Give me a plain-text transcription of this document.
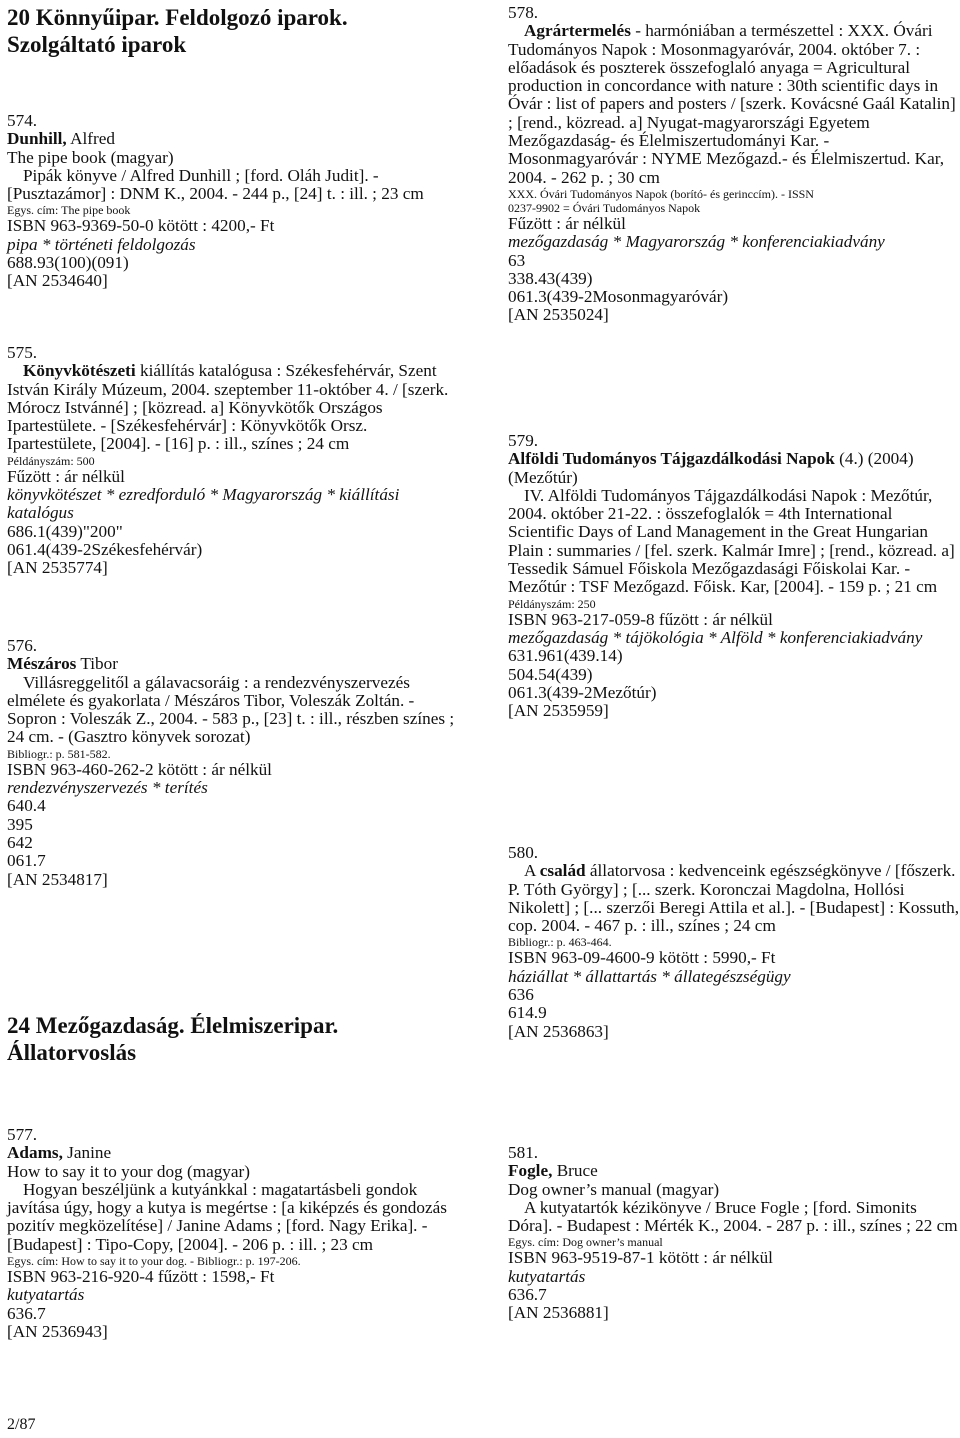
20 Könnyűipar. Feldolgozó iparok.

Szolgáltató iparok

574.
Dunhill, Alfred
The pipe book (magyar)
Pipák könyve / Alfred Dunhill ; [ford. Oláh Judit]. - [Pusztazámor] : DNM K., 2004. - 244 p., [24] t. : ill. ; 23 cm
Egys. cím: The pipe book
ISBN 963-9369-50-0 kötött : 4200,- Ft
pipa * történeti feldolgozás
688.93(100)(091)
[AN 2534640]
575.
Könyvkötészeti kiállítás katalógusa : Székesfehérvár, Szent István Király Múzeum, 2004. szeptember 11-október 4. / [szerk. Mórocz Istvánné] ; [közread. a] Könyvkötők Országos Ipartestülete. - [Székesfehérvár] : Könyvkötők Orsz. Ipartestülete, [2004]. - [16] p. : ill., színes ; 24 cm
Példányszám: 500
Fűzött : ár nélkül
könyvkötészet * ezredforduló * Magyarország * kiállítási katalógus
686.1(439)"200"
061.4(439-2Székesfehérvár)
[AN 2535774]
576.
Mészáros Tibor
Villásreggelitől a gálavacsoráig : a rendezvényszervezés elmélete és gyakorlata / Mészáros Tibor, Voleszák Zoltán. - Sopron : Voleszák Z., 2004. - 583 p., [23] t. : ill., részben színes ; 24 cm. - (Gasztro könyvek sorozat)
Bibliogr.: p. 581-582.
ISBN 963-460-262-2 kötött : ár nélkül
rendezvényszervezés * terítés
640.4
395
642
061.7
[AN 2534817]

24 Mezőgazdaság. Élelmiszeripar.

Állatorvoslás

577.
Adams, Janine
How to say it to your dog (magyar)
Hogyan beszéljünk a kutyánkkal : magatartásbeli gondok javítása úgy, hogy a kutya is megértse : [a kiképzés és gondozás pozitív megközelítése] / Janine Adams ; [ford. Nagy Erika]. - [Budapest] : Tipo-Copy, [2004]. - 206 p. : ill. ; 23 cm
Egys. cím: How to say it to your dog. - Bibliogr.: p. 197-206.
ISBN 963-216-920-4 fűzött : 1598,- Ft
kutyatartás
636.7
[AN 2536943]
578.
Agrártermelés - harmóniában a természettel : XXX. Óvári Tudományos Napok : Mosonmagyaróvár, 2004. október 7. : előadások és poszterek összefoglaló anyaga = Agricultural production in concordance with nature : 30th scientific days in Óvár : list of papers and posters / [szerk. Kovácsné Gaál Katalin] ; [rend., közread. a] Nyugat-magyarországi Egyetem Mezőgazdaság- és Élelmiszertudományi Kar. - Mosonmagyaróvár : NYME Mezőgazd.- és Élelmiszertud. Kar, 2004. - 262 p. ; 30 cm
XXX. Óvári Tudományos Napok (borító- és gerinccím). - ISSN
0237-9902 = Óvári Tudományos Napok
Fűzött : ár nélkül
mezőgazdaság * Magyarország * konferenciakiadvány
63
338.43(439)
061.3(439-2Mosonmagyaróvár)
[AN 2535024]
579.
Alföldi Tudományos Tájgazdálkodási Napok (4.) (2004) (Mezőtúr)
IV. Alföldi Tudományos Tájgazdálkodási Napok : Mezőtúr, 2004. október 21-22. : összefoglalók = 4th International Scientific Days of Land Management in the Great Hungarian Plain : summaries / [fel. szerk. Kalmár Imre] ; [rend., közread. a] Tessedik Sámuel Főiskola Mezőgazdasági Főiskolai Kar. - Mezőtúr : TSF Mezőgazd. Főisk. Kar, [2004]. - 159 p. ; 21 cm
Példányszám: 250
ISBN 963-217-059-8 fűzött : ár nélkül
mezőgazdaság * tájökológia * Alföld * konferenciakiadvány
631.961(439.14)
504.54(439)
061.3(439-2Mezőtúr)
[AN 2535959]
580.
A család állatorvosa : kedvenceink egészségkönyve / [főszerk. P. Tóth György] ; [... szerk. Koronczai Magdolna, Hollósi Nikolett] ; [... szerzői Beregi Attila et al.]. - [Budapest] : Kossuth, cop. 2004. - 467 p. : ill., színes ; 24 cm
Bibliogr.: p. 463-464.
ISBN 963-09-4600-9 kötött : 5990,- Ft
háziállat * állattartás * állategészségügy
636
614.9
[AN 2536863]
581.
Fogle, Bruce
Dog owner’s manual (magyar)
A kutyatartók kézikönyve / Bruce Fogle ; [ford. Simonits Dóra]. - Budapest : Mérték K., 2004. - 287 p. : ill., színes ; 22 cm
Egys. cím: Dog owner’s manual
ISBN 963-9519-87-1 kötött : ár nélkül
kutyatartás
636.7
[AN 2536881]
2/87
